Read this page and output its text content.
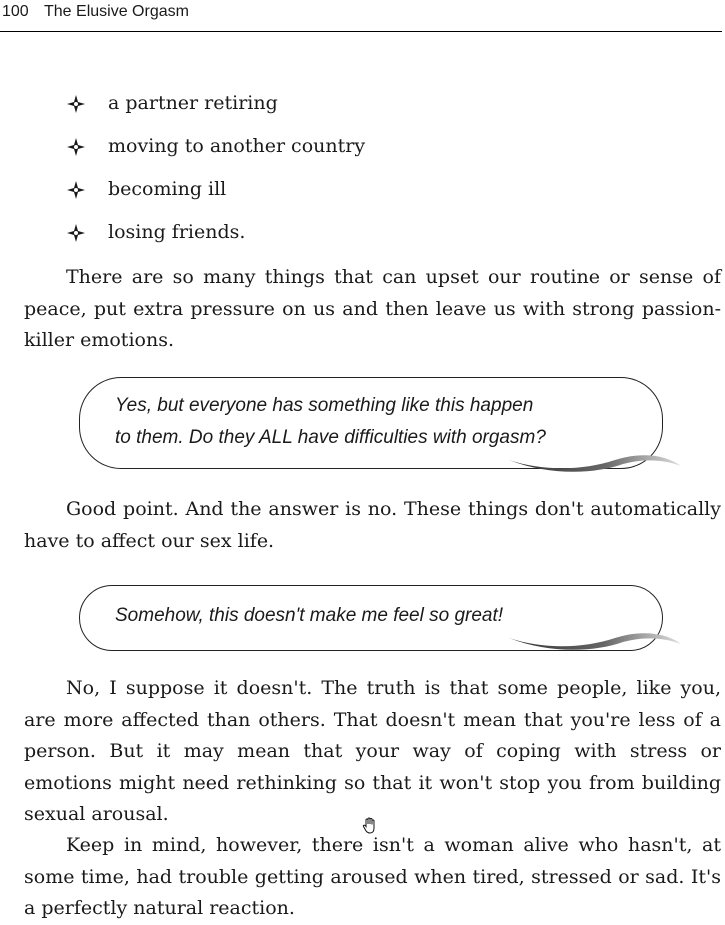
100 The Elusive Orgasm
a partner retiring
moving to another country
becoming ill
losing friends.

There are so many things that can upset our routine or sense of peace, put extra pressure on us and then leave us with strong passion-killer emotions.

Yes, but everyone has something like this happen
to them. Do they ALL have difficulties with orgasm?

Good point. And the answer is no. These things don't automatically have to affect our sex life.

Somehow, this doesn't make me feel so great!

No, I suppose it doesn't. The truth is that some people, like you, are more affected than others. That doesn't mean that you're less of a person. But it may mean that your way of coping with stress or emotions might need rethinking so that it won't stop you from building sexual arousal.

Keep in mind, however, there isn't a woman alive who hasn't, at some time, had trouble getting aroused when tired, stressed or sad. It's a perfectly natural reaction.
